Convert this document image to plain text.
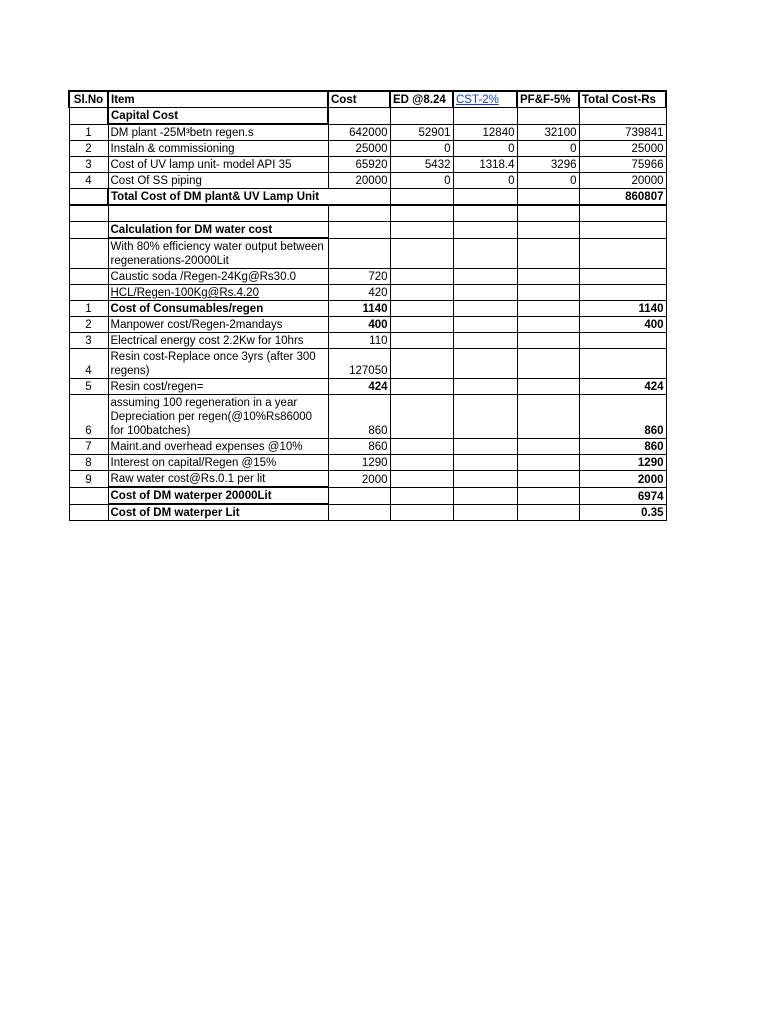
Sl.No	Item	Cost	ED @8.24	CST-2%	PF&F-5%	Total Cost-Rs
	Capital Cost					
1	DM plant -25M³betn regen.s	642000	52901	12840	32100	739841
2	Instaln & commissioning	25000	0	0	0	25000
3	Cost of UV lamp unit- model API 35	65920	5432	1318.4	3296	75966
4	Cost Of SS piping	20000	0	0	0	20000
	Total Cost of DM plant& UV Lamp Unit					860807

	Calculation for DM water cost					
	With 80% efficiency water output between regenerations-20000Lit					
	Caustic soda /Regen-24Kg@Rs30.0	720				
	HCL/Regen-100Kg@Rs.4.20	420				
1	Cost of Consumables/regen	1140				1140
2	Manpower cost/Regen-2mandays	400				400
3	Electrical energy cost 2.2Kw for 10hrs	110				
4	Resin cost-Replace once 3yrs (after 300 regens)	127050				
5	Resin cost/regen=	424				424
6	assuming 100 regeneration in a year Depreciation per regen(@10%Rs86000 for 100batches)	860				860
7	Maint.and overhead expenses @10%	860				860
8	Interest on capital/Regen @15%	1290				1290
9	Raw water cost@Rs.0.1 per lit	2000				2000
	Cost of DM waterper 20000Lit					6974
	Cost of DM waterper Lit					0.35
